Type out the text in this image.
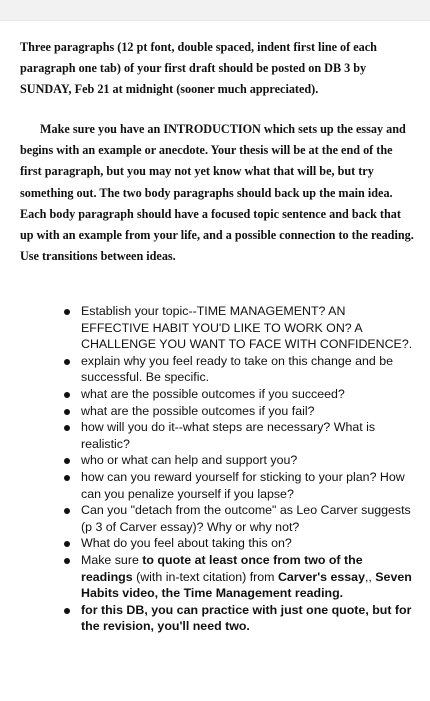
Three paragraphs (12 pt font, double spaced, indent first line of each paragraph one tab) of your first draft should be posted on DB 3 by SUNDAY, Feb 21 at midnight (sooner much appreciated).

Make sure you have an INTRODUCTION which sets up the essay and begins with an example or anecdote. Your thesis will be at the end of the first paragraph, but you may not yet know what that will be, but try something out. The two body paragraphs should back up the main idea. Each body paragraph should have a focused topic sentence and back that up with an example from your life, and a possible connection to the reading. Use transitions between ideas.

Establish your topic--TIME MANAGEMENT? AN EFFECTIVE HABIT YOU'D LIKE TO WORK ON? A CHALLENGE YOU WANT TO FACE WITH CONFIDENCE?.
explain why you feel ready to take on this change and be successful. Be specific.
what are the possible outcomes if you succeed?
what are the possible outcomes if you fail?
how will you do it--what steps are necessary? What is realistic?
who or what can help and support you?
how can you reward yourself for sticking to your plan? How can you penalize yourself if you lapse?
Can you "detach from the outcome" as Leo Carver suggests (p 3 of Carver essay)? Why or why not?
What do you feel about taking this on?
Make sure to quote at least once from two of the readings (with in-text citation) from Carver's essay,, Seven Habits video, the Time Management reading.
for this DB, you can practice with just one quote, but for the revision, you'll need two.
